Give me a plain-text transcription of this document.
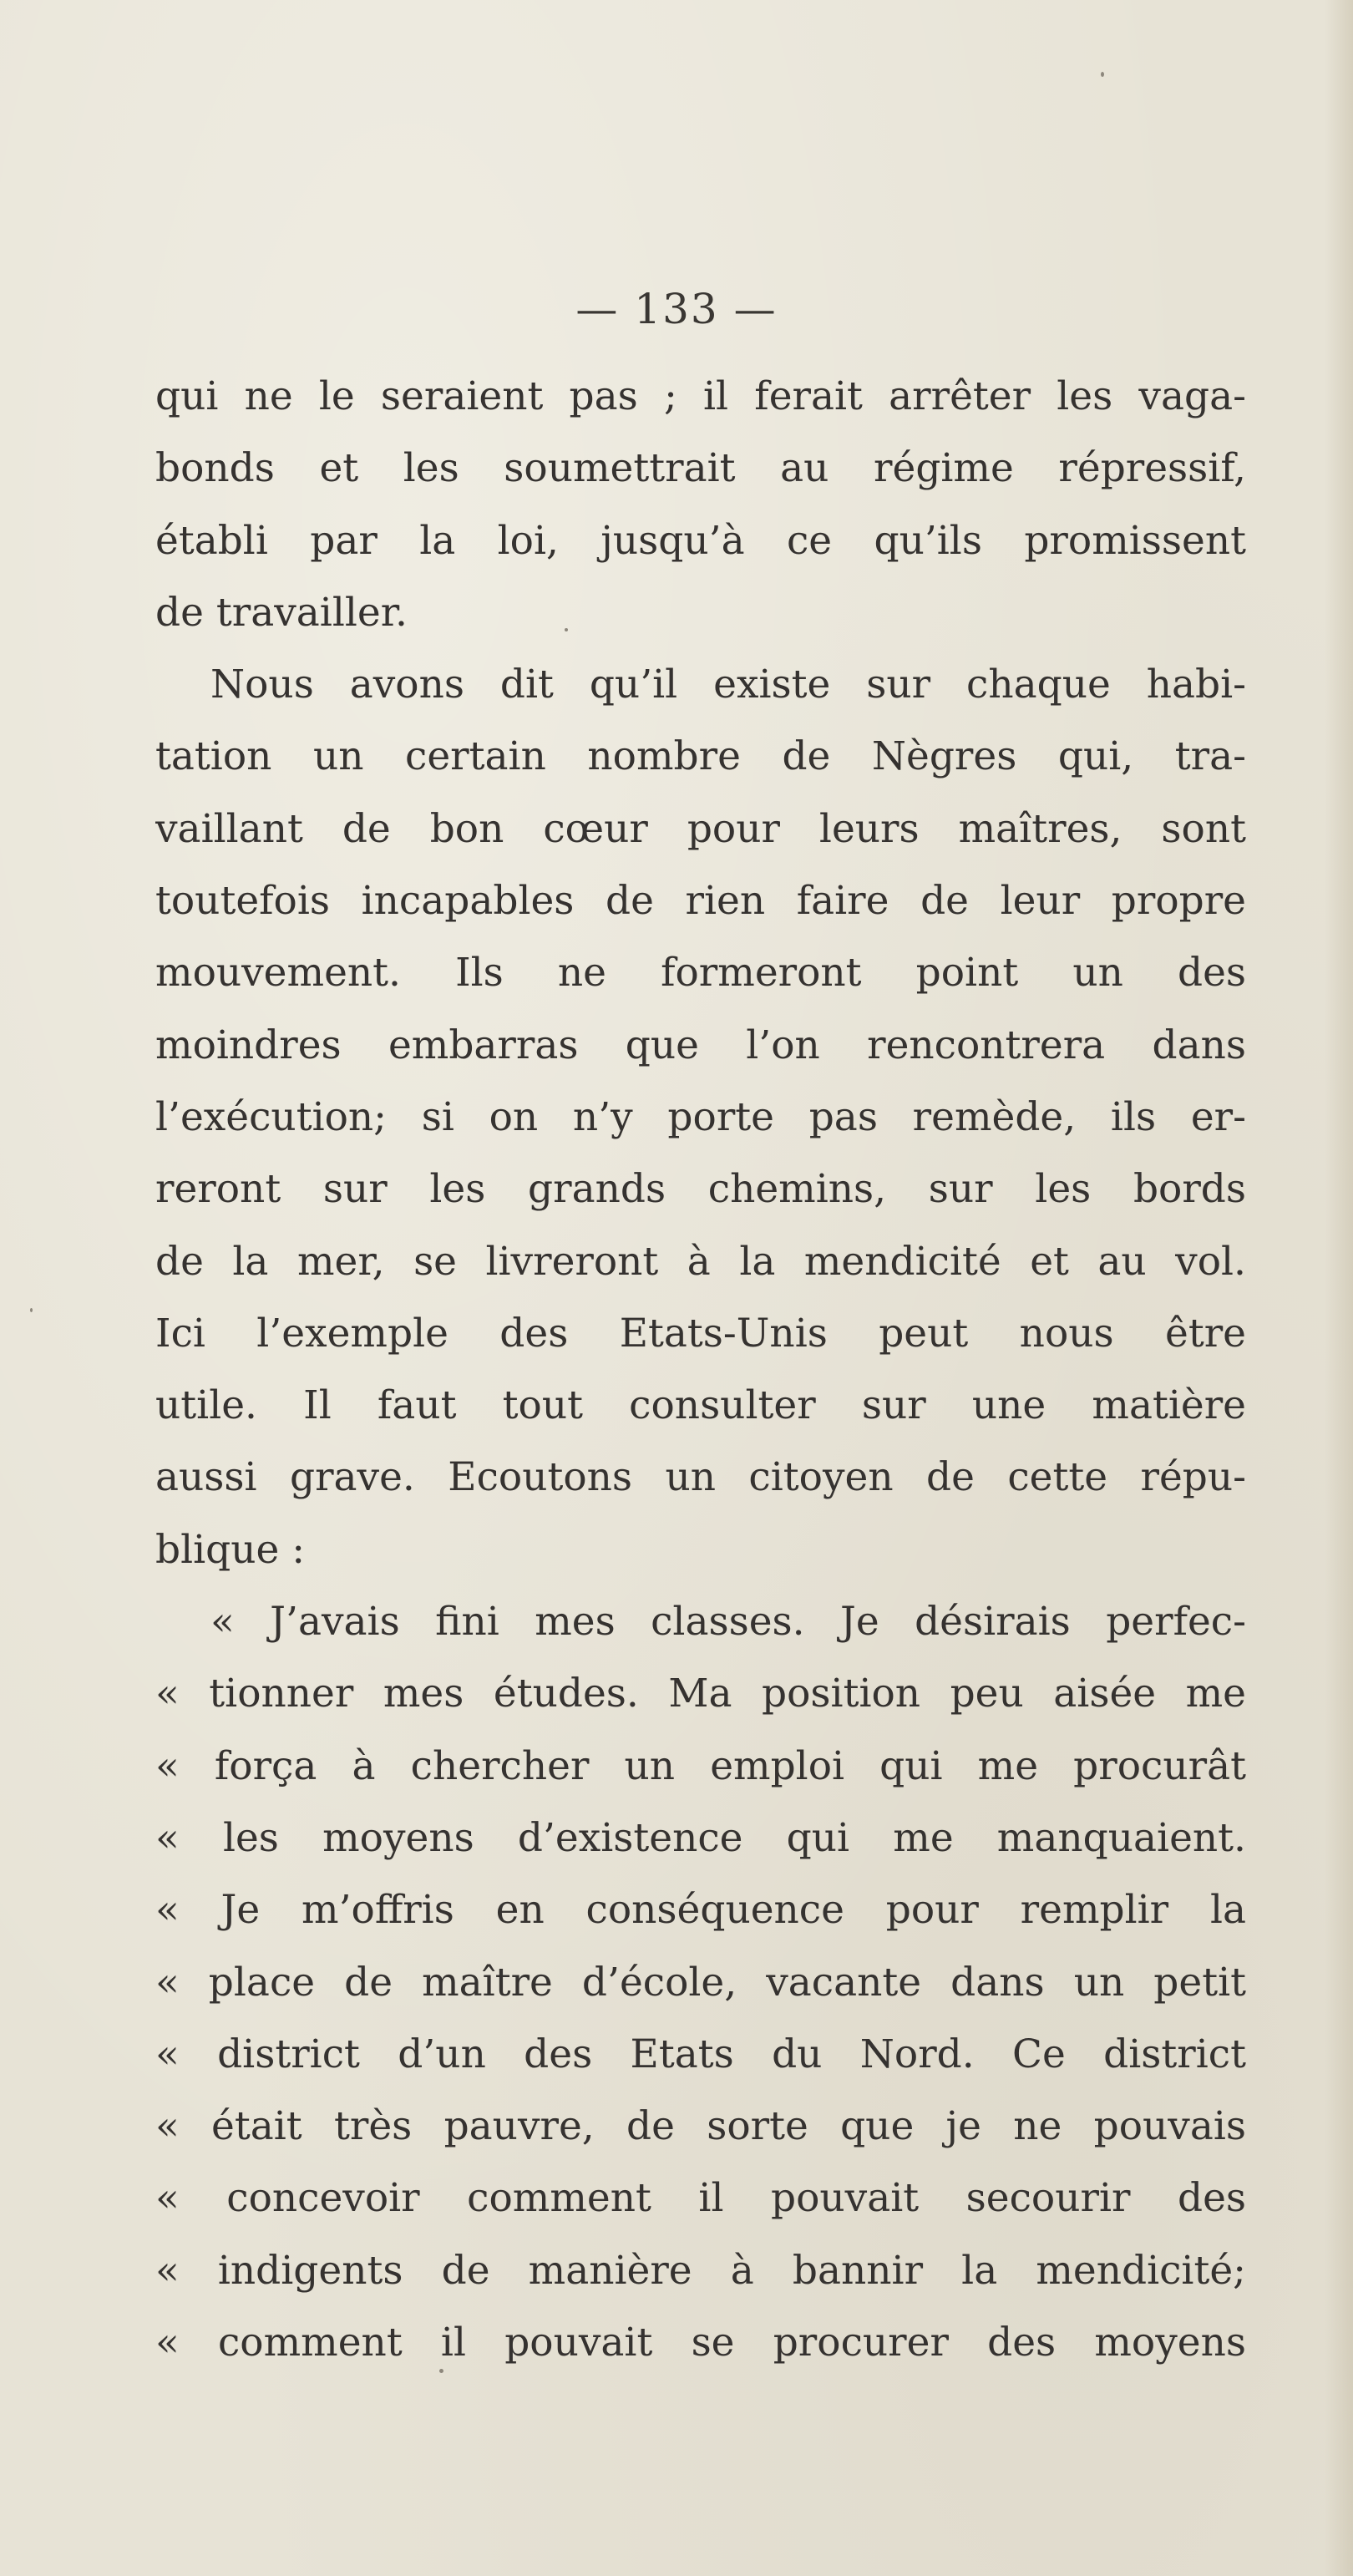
— 133 —
qui ne le seraient pas ; il ferait arrêter les vaga-
bonds et les soumettrait au régime répressif,
établi par la loi, jusqu’à ce qu’ils promissent
de travailler.
Nous avons dit qu’il existe sur chaque habi-
tation un certain nombre de Nègres qui, tra-
vaillant de bon cœur pour leurs maîtres, sont
toutefois incapables de rien faire de leur propre
mouvement. Ils ne formeront point un des
moindres embarras que l’on rencontrera dans
l’exécution; si on n’y porte pas remède, ils er-
reront sur les grands chemins, sur les bords
de la mer, se livreront à la mendicité et au vol.
Ici l’exemple des Etats-Unis peut nous être
utile. Il faut tout consulter sur une matière
aussi grave. Ecoutons un citoyen de cette répu-
blique :
« J’avais fini mes classes. Je désirais perfec-
« tionner mes études. Ma position peu aisée me
« força à chercher un emploi qui me procurât
« les moyens d’existence qui me manquaient.
« Je m’offris en conséquence pour remplir la
« place de maître d’école, vacante dans un petit
« district d’un des Etats du Nord. Ce district
« était très pauvre, de sorte que je ne pouvais
« concevoir comment il pouvait secourir des
« indigents de manière à bannir la mendicité;
« comment il pouvait se procurer des moyens
